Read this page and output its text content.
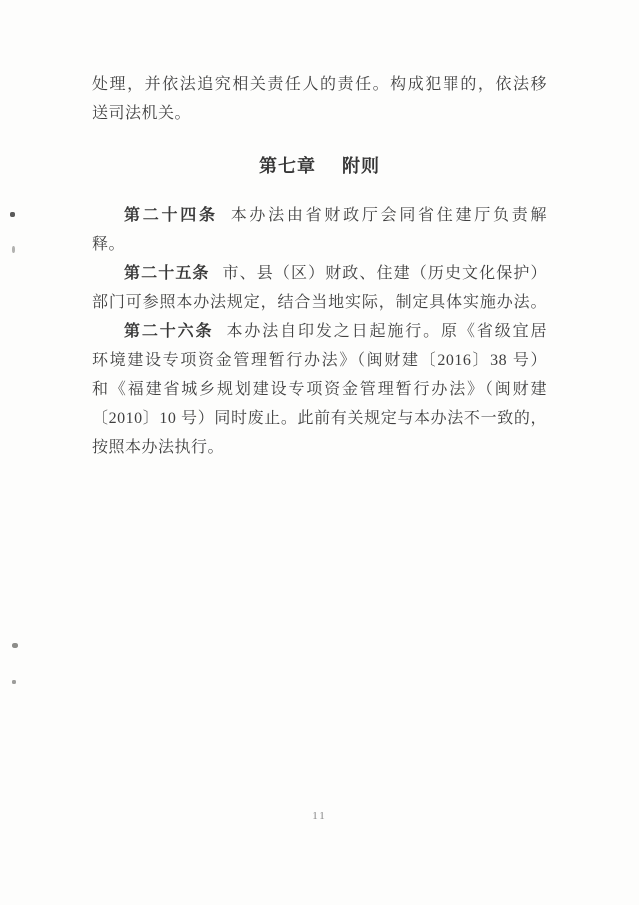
处理，并依法追究相关责任人的责任。构成犯罪的，依法移
送司法机关。
第七章 附则
第二十四条 本办法由省财政厅会同省住建厅负责解
释。
第二十五条 市、县（区）财政、住建（历史文化保护）
部门可参照本办法规定，结合当地实际，制定具体实施办法。
第二十六条 本办法自印发之日起施行。原《省级宜居
环境建设专项资金管理暂行办法》（闽财建〔2016〕38 号）
和《福建省城乡规划建设专项资金管理暂行办法》（闽财建
〔2010〕10 号）同时废止。此前有关规定与本办法不一致的，
按照本办法执行。
11
